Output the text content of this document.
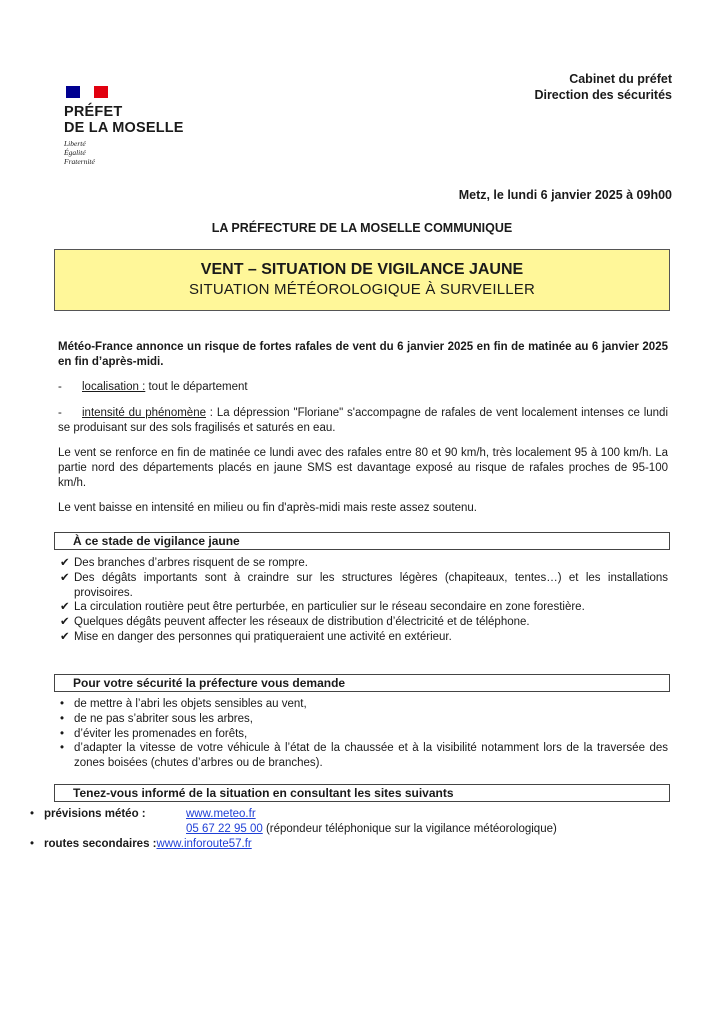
PRÉFET
DE LA MOSELLE
Liberté
Égalité
Fraternité
Cabinet du préfet
Direction des sécurités
Metz, le lundi 6 janvier 2025 à 09h00
LA PRÉFECTURE DE LA MOSELLE COMMUNIQUE
VENT – SITUATION DE VIGILANCE JAUNE
SITUATION MÉTÉOROLOGIQUE À SURVEILLER

Météo-France annonce un risque de fortes rafales de vent du 6 janvier 2025 en fin de matinée au 6 janvier 2025 en fin d’après-midi.

- localisation : tout le département

- intensité du phénomène : La dépression "Floriane" s'accompagne de rafales de vent localement intenses ce lundi se produisant sur des sols fragilisés et saturés en eau.

Le vent se renforce en fin de matinée ce lundi avec des rafales entre 80 et 90 km/h, très localement 95 à 100 km/h. La partie nord des départements placés en jaune SMS est davantage exposé au risque de rafales proches de 95-100 km/h.

Le vent baisse en intensité en milieu ou fin d'après-midi mais reste assez soutenu.

À ce stade de vigilance jaune
✔ Des branches d’arbres risquent de se rompre.
✔ Des dégâts importants sont à craindre sur les structures légères (chapiteaux, tentes…) et les installations provisoires.
✔ La circulation routière peut être perturbée, en particulier sur le réseau secondaire en zone forestière.
✔ Quelques dégâts peuvent affecter les réseaux de distribution d’électricité et de téléphone.
✔ Mise en danger des personnes qui pratiqueraient une activité en extérieur.
Pour votre sécurité la préfecture vous demande
• de mettre à l’abri les objets sensibles au vent,
• de ne pas s’abriter sous les arbres,
• d’éviter les promenades en forêts,
• d’adapter la vitesse de votre véhicule à l’état de la chaussée et à la visibilité notamment lors de la traversée des zones boisées (chutes d’arbres ou de branches).
Tenez-vous informé de la situation en consultant les sites suivants
• prévisions météo :	www.meteo.fr
05 67 22 95 00 (répondeur téléphonique sur la vigilance météorologique)
• routes secondaires : www.inforoute57.fr
